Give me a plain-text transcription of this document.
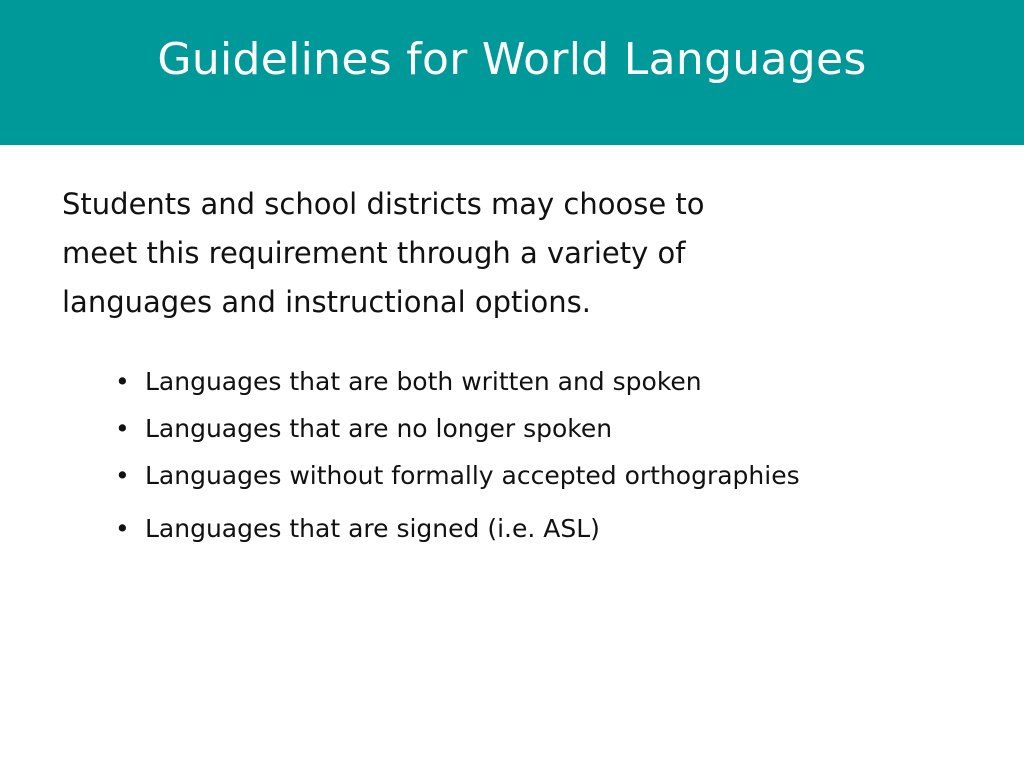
Guidelines for World Languages

Students and school districts may choose to
meet this requirement through a variety of
languages and instructional options.

• Languages that are both written and spoken
• Languages that are no longer spoken
• Languages without formally accepted orthographies
• Languages that are signed (i.e. ASL)
